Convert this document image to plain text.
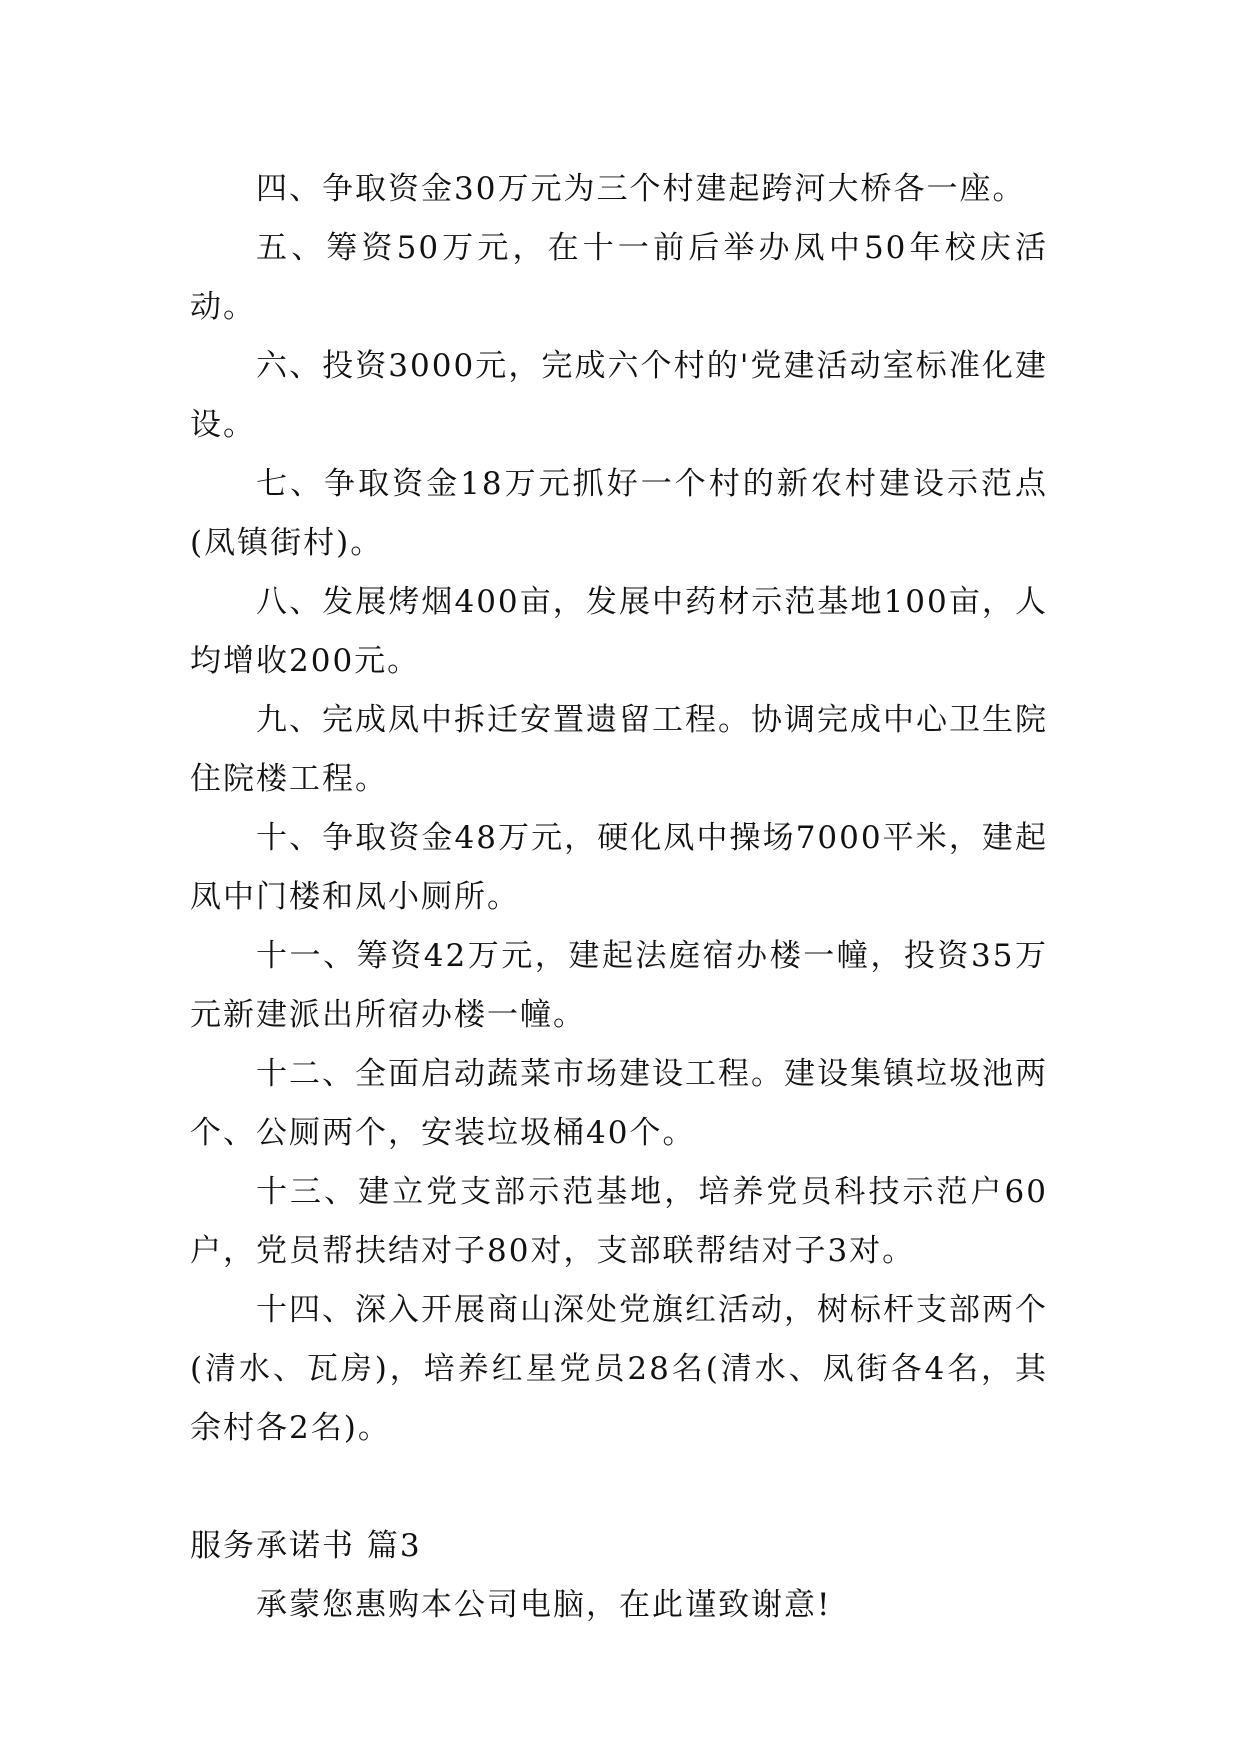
四、争取资金30万元为三个村建起跨河大桥各一座。

五、筹资50万元，在十一前后举办凤中50年校庆活动。

六、投资3000元，完成六个村的'党建活动室标准化建设。

七、争取资金18万元抓好一个村的新农村建设示范点(凤镇街村)。

八、发展烤烟400亩，发展中药材示范基地100亩，人均增收200元。

九、完成凤中拆迁安置遗留工程。协调完成中心卫生院住院楼工程。

十、争取资金48万元，硬化凤中操场7000平米，建起凤中门楼和凤小厕所。

十一、筹资42万元，建起法庭宿办楼一幢，投资35万元新建派出所宿办楼一幢。

十二、全面启动蔬菜市场建设工程。建设集镇垃圾池两个、公厕两个，安装垃圾桶40个。

十三、建立党支部示范基地，培养党员科技示范户60户，党员帮扶结对子80对，支部联帮结对子3对。

十四、深入开展商山深处党旗红活动，树标杆支部两个(清水、瓦房)，培养红星党员28名(清水、凤街各4名，其余村各2名)。

服务承诺书 篇3

承蒙您惠购本公司电脑，在此谨致谢意!
